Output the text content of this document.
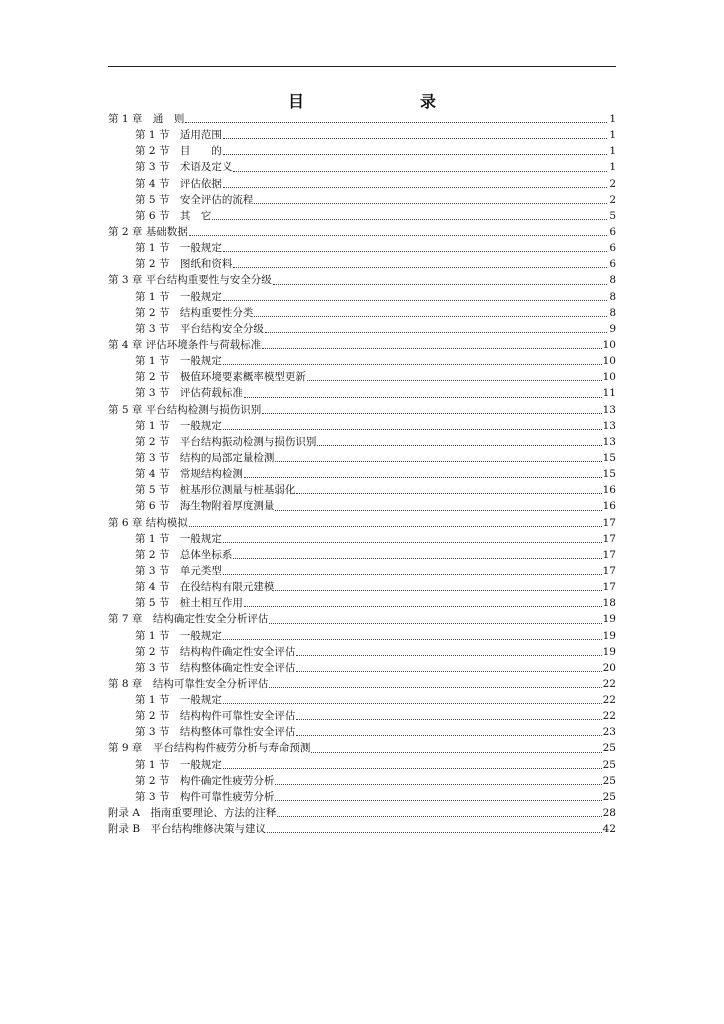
目　　录
第 1 章　通　则	1
第 1 节　适用范围	1
第 2 节　目　　的	1
第 3 节　术语及定义	1
第 4 节　评估依据	2
第 5 节　安全评估的流程	2
第 6 节　其　它	5
第 2 章 基础数据	6
第 1 节　一般规定	6
第 2 节　图纸和资料	6
第 3 章 平台结构重要性与安全分级	8
第 1 节　一般规定	8
第 2 节　结构重要性分类	8
第 3 节　平台结构安全分级	9
第 4 章 评估环境条件与荷载标准	10
第 1 节　一般规定	10
第 2 节　极值环境要素概率模型更新	10
第 3 节　评估荷载标准	11
第 5 章 平台结构检测与损伤识别	13
第 1 节　一般规定	13
第 2 节　平台结构振动检测与损伤识别	13
第 3 节　结构的局部定量检测	15
第 4 节　常规结构检测	15
第 5 节　桩基形位测量与桩基弱化	16
第 6 节　海生物附着厚度测量	16
第 6 章 结构模拟	17
第 1 节　一般规定	17
第 2 节　总体坐标系	17
第 3 节　单元类型	17
第 4 节　在役结构有限元建模	17
第 5 节　桩土相互作用	18
第 7 章　结构确定性安全分析评估	19
第 1 节　一般规定	19
第 2 节　结构构件确定性安全评估	19
第 3 节　结构整体确定性安全评估	20
第 8 章　结构可靠性安全分析评估	22
第 1 节　一般规定	22
第 2 节　结构构件可靠性安全评估	22
第 3 节　结构整体可靠性安全评估	23
第 9 章　平台结构构件疲劳分析与寿命预测	25
第 1 节　一般规定	25
第 2 节　构件确定性疲劳分析	25
第 3 节　构件可靠性疲劳分析	25
附录 A　指南重要理论、方法的注释	28
附录 B　平台结构维修决策与建议	42
